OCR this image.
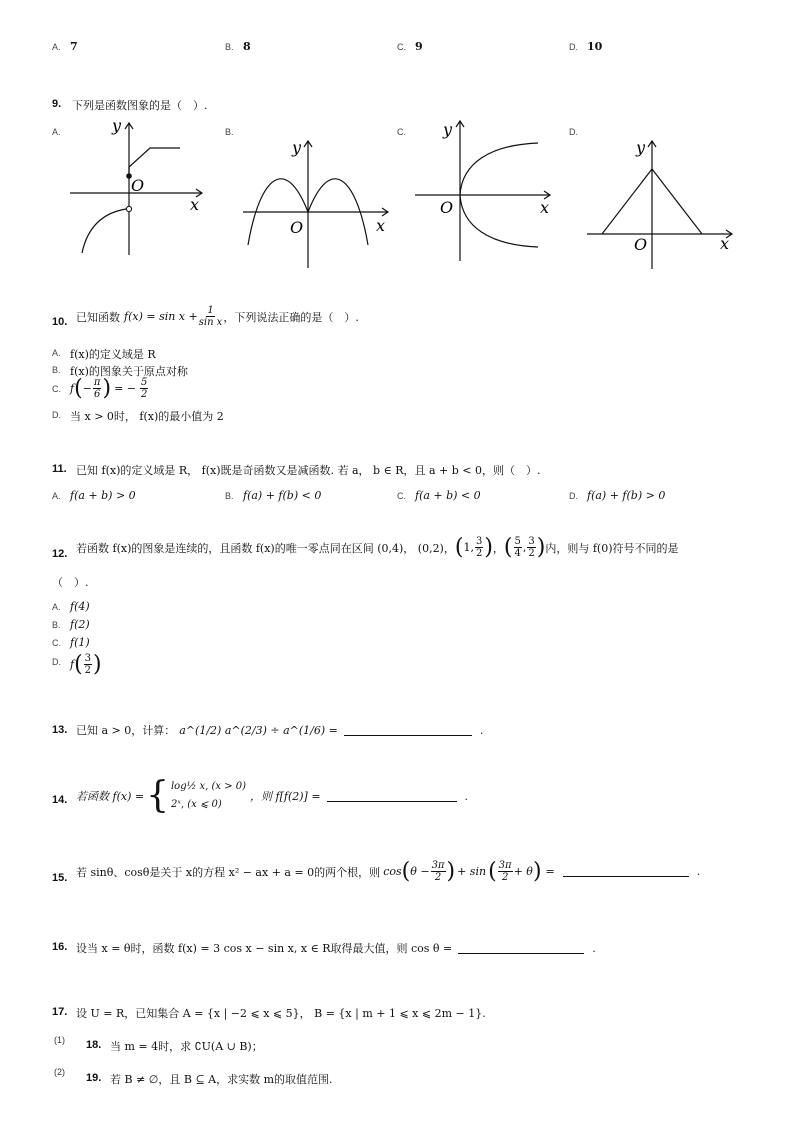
A. 7	B. 8	C. 9	D. 10
9. 下列是函数图象的是（　）.
A.	B.	C.	D.
y
x
O
y
x
O
y
x
O
y
x
O
10. 已知函数 $f(x) = \sin x + \frac{1}{\text{sin x}}$ ，下列说法正确的是（　）.
A. f(x)的定义域是 R
B. f(x)的图象关于原点对称
C. f ( − $\frac{\pi}{6}$ ) = − $\frac{5}{2}$
D. 当 x > 0时， f(x)的最小值为 2
11. 已知 f(x)的定义域是 R， f(x)既是奇函数又是减函数. 若 a， b ∈ R，且 a + b < 0，则（　）.
A. f(a + b) > 0	B. f(a) + f(b) < 0	C. f(a + b) < 0	D. f(a) + f(b) > 0
12. 若函数 f(x)的图象是连续的，且函数 f(x)的唯一零点同在区间 (0,4)， (0,2)， ( 1 , $\frac{3}{2}$ ) ， ( $\frac{5}{4}$ , $\frac{3}{2}$ ) 内，则与 f(0)符号不同的是
（　）.
A. f(4)
B. f(2)
C. f(1)
D. f ( $\frac{3}{2}$ )
13. 已知 a > 0，计算： a^(1/2) a^(2/3) ÷ a^(1/6) =	.
14. 若函数 f(x) = { log½ x, (x > 0)
2ˣ, (x ⩽ 0)
，则 f[f(2)] =	.
15. 若 sinθ、cosθ是关于 x的方程 x² − ax + a = 0的两个根，则 cos ( $\theta - \frac{3\pi}{2}$ ) + sin ( $\frac{3\pi}{2} + \theta$ ) =	.
16. 设当 x = θ时，函数 f(x) = 3 cos x − sin x, x ∈ R取得最大值，则 cos θ =	.
17. 设 U = R，已知集合 A = {x | −2 ⩽ x ⩽ 5}， B = {x | m + 1 ⩽ x ⩽ 2m − 1}.
(1) 18. 当 m = 4时，求 ∁U(A ∪ B)；
(2) 19. 若 B ≠ ∅，且 B ⊆ A，求实数 m的取值范围.
